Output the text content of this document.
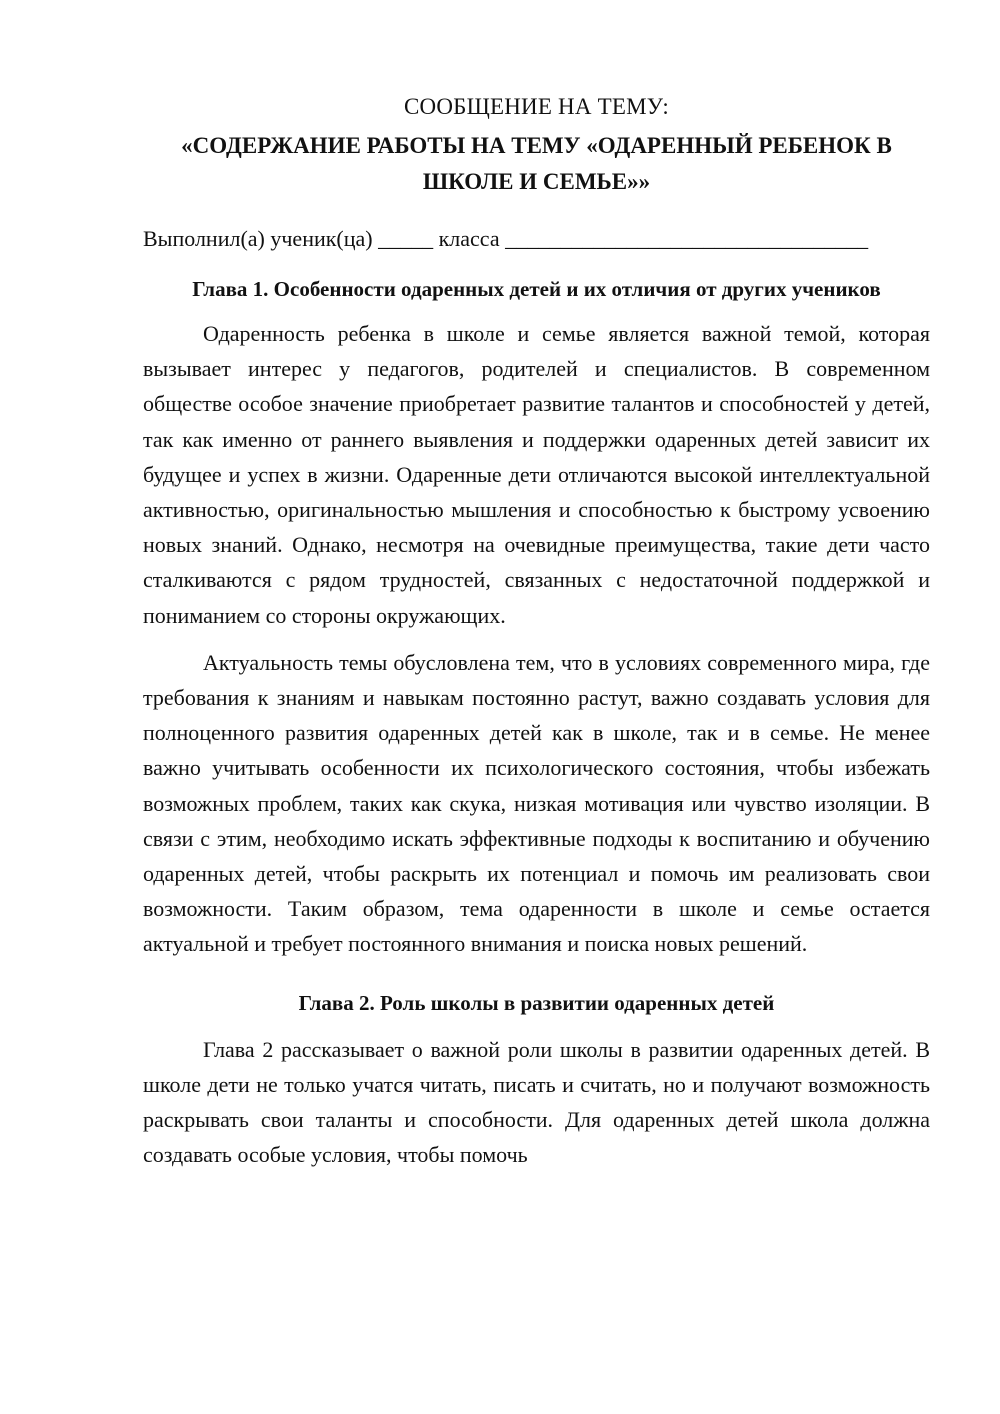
СООБЩЕНИЕ НА ТЕМУ:

«СОДЕРЖАНИЕ РАБОТЫ НА ТЕМУ «ОДАРЕННЫЙ РЕБЕНОК В ШКОЛЕ И СЕМЬЕ»»

Выполнил(а) ученик(ца) _____ класса _________________________________

Глава 1. Особенности одаренных детей и их отличия от других учеников

Одаренность ребенка в школе и семье является важной темой, которая вызывает интерес у педагогов, родителей и специалистов. В современном обществе особое значение приобретает развитие талантов и способностей у детей, так как именно от раннего выявления и поддержки одаренных детей зависит их будущее и успех в жизни. Одаренные дети отличаются высокой интеллектуальной активностью, оригинальностью мышления и способностью к быстрому усвоению новых знаний. Однако, несмотря на очевидные преимущества, такие дети часто сталкиваются с рядом трудностей, связанных с недостаточной поддержкой и пониманием со стороны окружающих.

Актуальность темы обусловлена тем, что в условиях современного мира, где требования к знаниям и навыкам постоянно растут, важно создавать условия для полноценного развития одаренных детей как в школе, так и в семье. Не менее важно учитывать особенности их психологического состояния, чтобы избежать возможных проблем, таких как скука, низкая мотивация или чувство изоляции. В связи с этим, необходимо искать эффективные подходы к воспитанию и обучению одаренных детей, чтобы раскрыть их потенциал и помочь им реализовать свои возможности. Таким образом, тема одаренности в школе и семье остается актуальной и требует постоянного внимания и поиска новых решений.

Глава 2. Роль школы в развитии одаренных детей

Глава 2 рассказывает о важной роли школы в развитии одаренных детей. В школе дети не только учатся читать, писать и считать, но и получают возможность раскрывать свои таланты и способности. Для одаренных детей школа должна создавать особые условия, чтобы помочь
